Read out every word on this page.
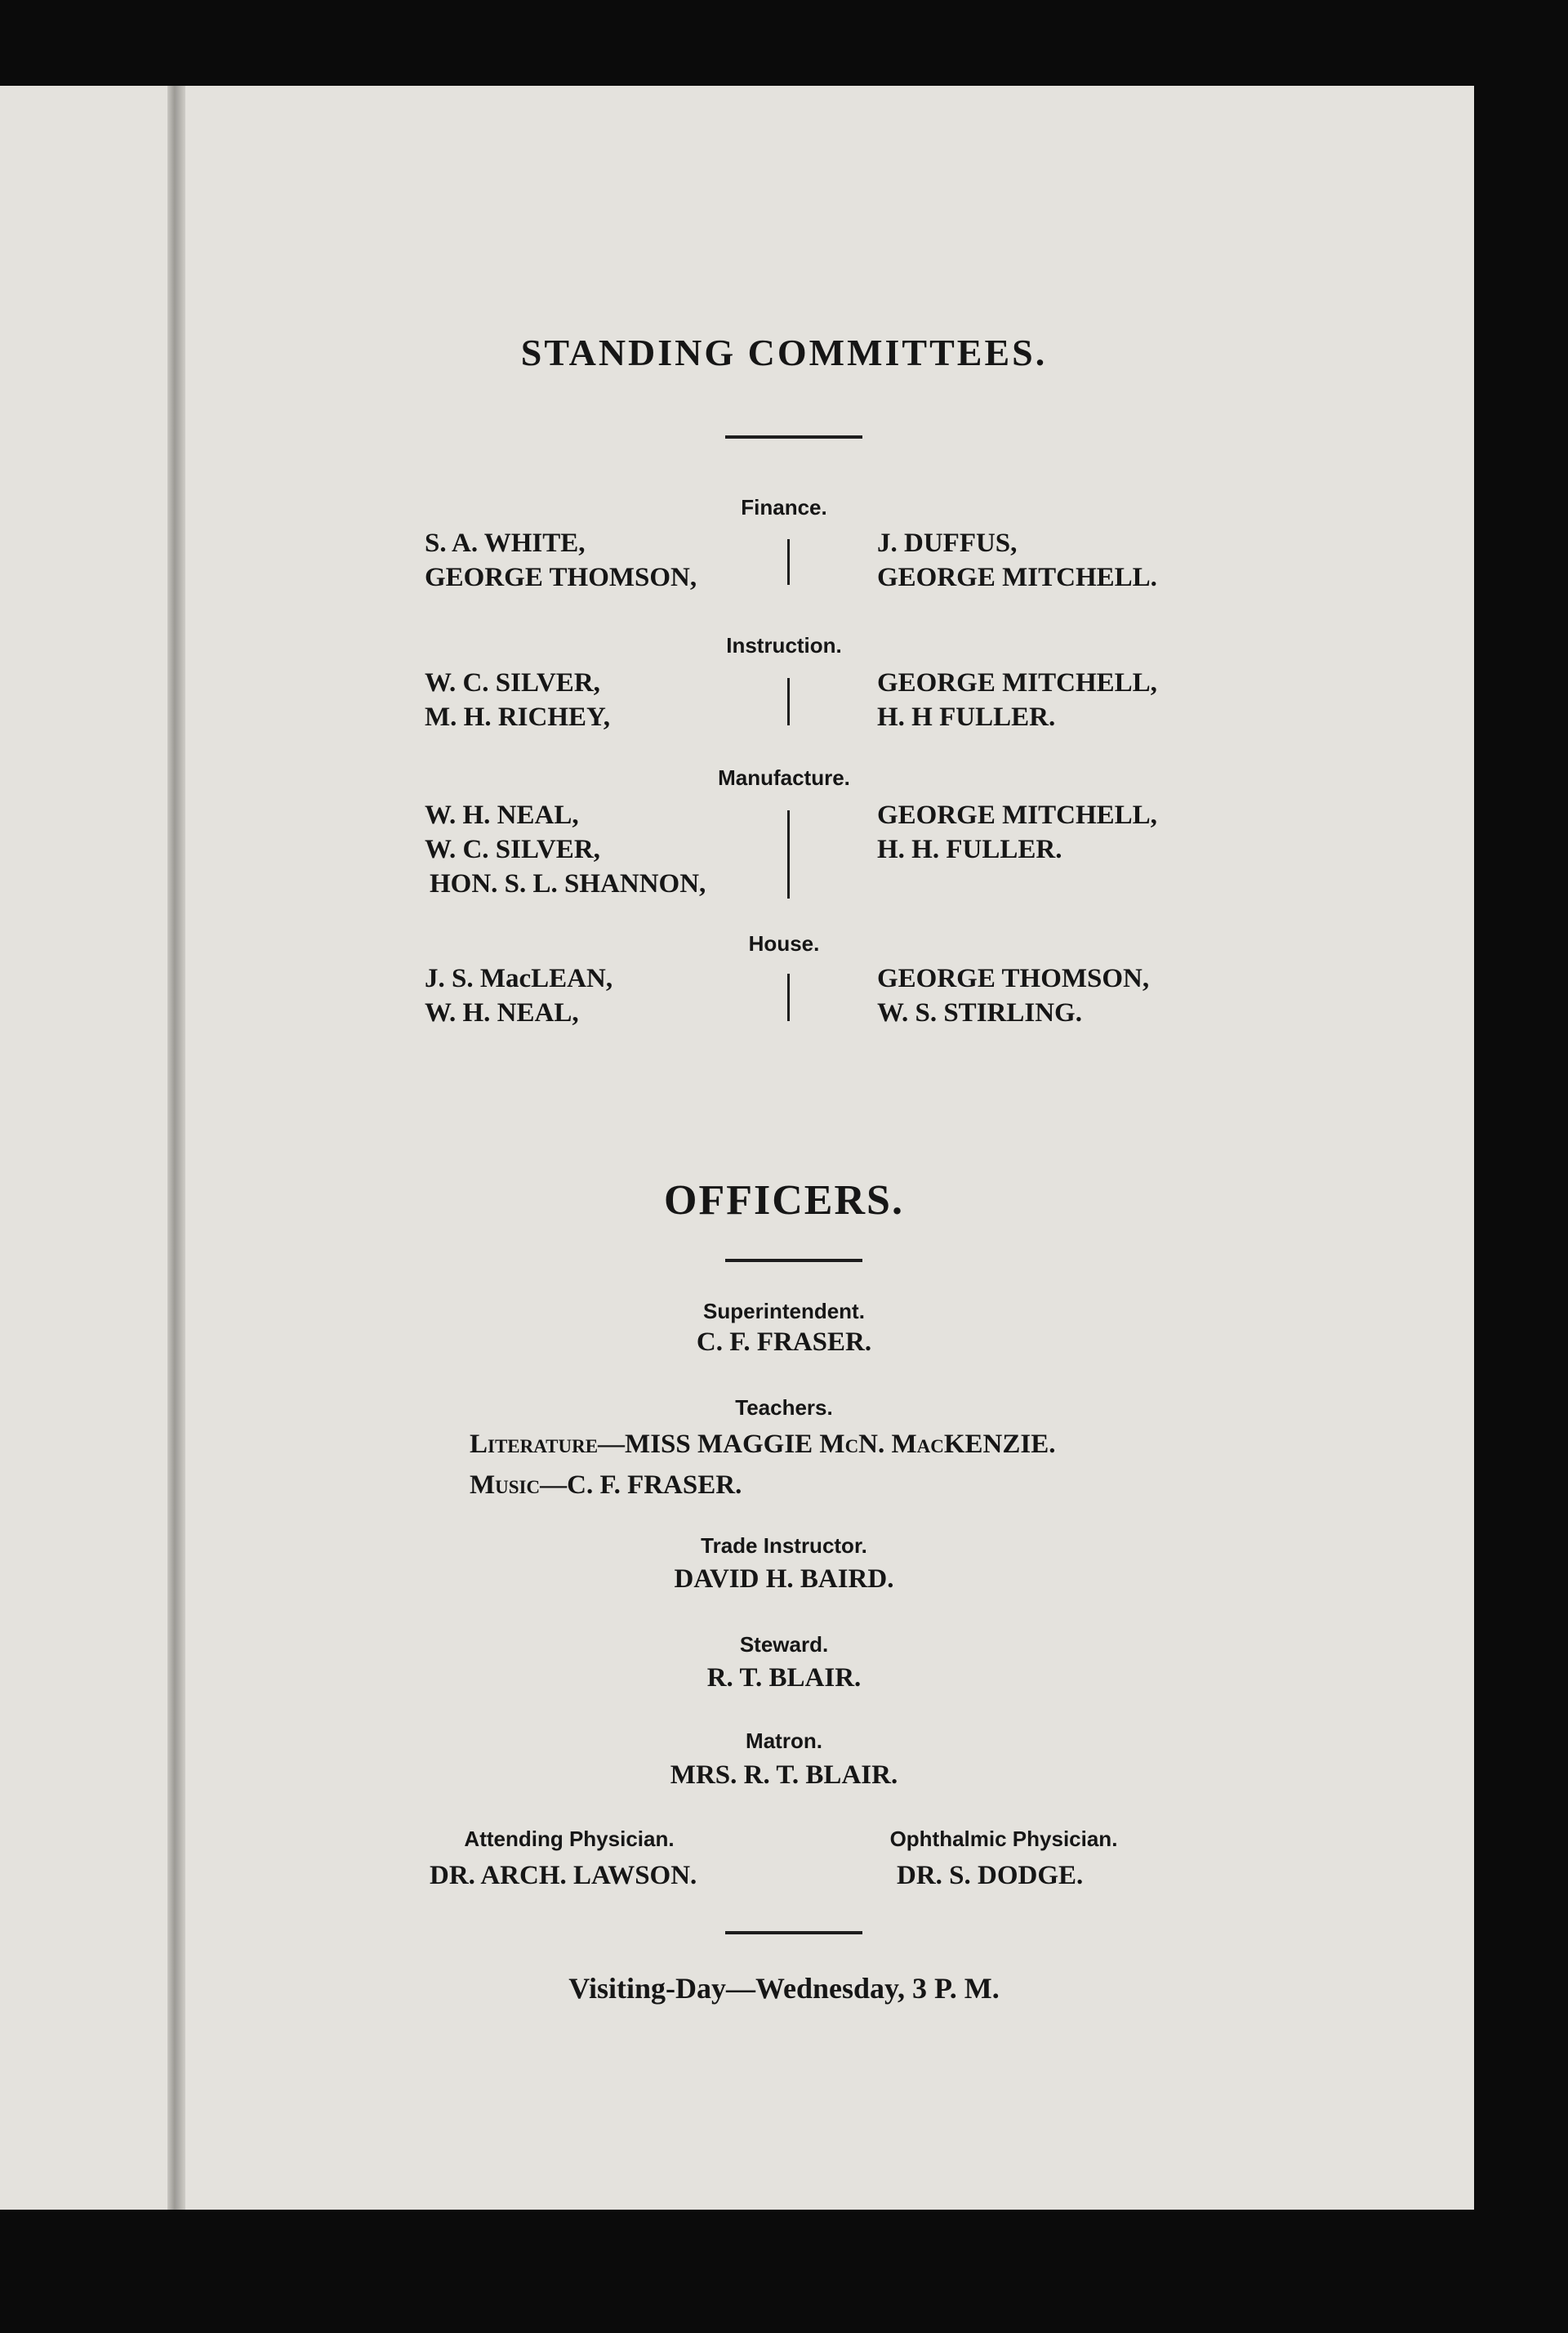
STANDING COMMITTEES.
Finance.
S. A. WHITE,
GEORGE THOMSON,
J. DUFFUS,
GEORGE MITCHELL.
Instruction.
W. C. SILVER,
M. H. RICHEY,
GEORGE MITCHELL,
H. H FULLER.
Manufacture.
W. H. NEAL,
W. C. SILVER,
HON. S. L. SHANNON,
GEORGE MITCHELL,
H. H. FULLER.
House.
J. S. MacLEAN,
W. H. NEAL,
GEORGE THOMSON,
W. S. STIRLING.
OFFICERS.
Superintendent.
C. F. FRASER.
Teachers.
Literature—MISS MAGGIE McN. MacKENZIE.
Music—C. F. FRASER.
Trade Instructor.
DAVID H. BAIRD.
Steward.
R. T. BLAIR.
Matron.
MRS. R. T. BLAIR.
Attending Physician.
DR. ARCH. LAWSON.
Ophthalmic Physician.
DR. S. DODGE.
Visiting-Day—Wednesday, 3 P. M.
